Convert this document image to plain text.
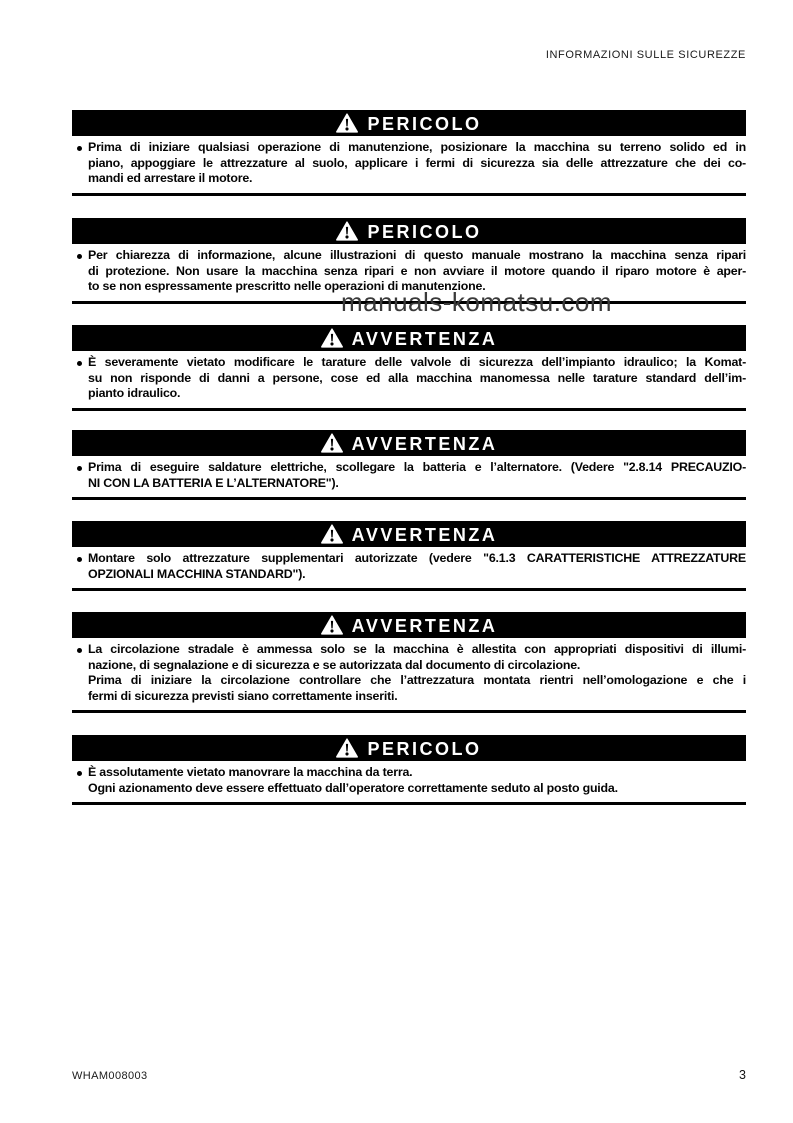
INFORMAZIONI SULLE SICUREZZE
PERICOLO
Prima di iniziare qualsiasi operazione di manutenzione, posizionare la macchina su terreno solido ed in
piano, appoggiare le attrezzature al suolo, applicare i fermi di sicurezza sia delle attrezzature che dei co-
mandi ed arrestare il motore.
PERICOLO
Per chiarezza di informazione, alcune illustrazioni di questo manuale mostrano la macchina senza ripari
di protezione. Non usare la macchina senza ripari e non avviare il motore quando il riparo motore è aper-
to se non espressamente prescritto nelle operazioni di manutenzione.
AVVERTENZA
È severamente vietato modificare le tarature delle valvole di sicurezza dell’impianto idraulico; la Komat-
su non risponde di danni a persone, cose ed alla macchina manomessa nelle tarature standard dell’im-
pianto idraulico.
AVVERTENZA
Prima di eseguire saldature elettriche, scollegare la batteria e l’alternatore. (Vedere "2.8.14 PRECAUZIO-
NI CON LA BATTERIA E L’ALTERNATORE").
AVVERTENZA
Montare solo attrezzature supplementari autorizzate (vedere "6.1.3 CARATTERISTICHE ATTREZZATURE
OPZIONALI MACCHINA STANDARD").
AVVERTENZA
La circolazione stradale è ammessa solo se la macchina è allestita con appropriati dispositivi di illumi-
nazione, di segnalazione e di sicurezza e se autorizzata dal documento di circolazione.
Prima di iniziare la circolazione controllare che l’attrezzatura montata rientri nell’omologazione e che i
fermi di sicurezza previsti siano correttamente inseriti.
PERICOLO
È assolutamente vietato manovrare la macchina da terra.
Ogni azionamento deve essere effettuato dall’operatore correttamente seduto al posto guida.
manuals-komatsu.com
WHAM008003	3
